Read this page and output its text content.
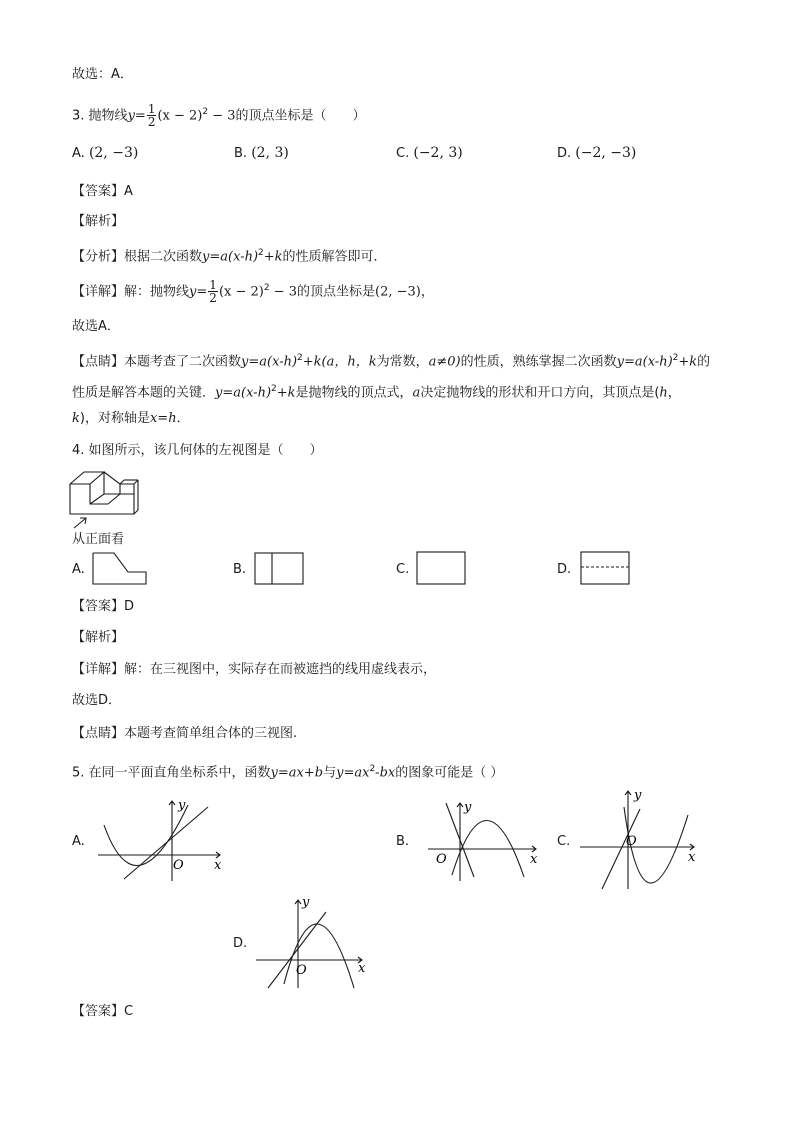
故选：A．
3. 抛物线$y= \frac{1}{2} (x - 2)^2 - 3$的顶点坐标是（　　）
A. (2, −3)	B. (2, 3)	C. (−2, 3)	D. (−2, −3)
【答案】A
【解析】
【分析】根据二次函数$y=a(x-h)^2+k$的性质解答即可．
【详解】解：抛物线$y= \frac{1}{2} (x - 2)^2 - 3$的顶点坐标是(2, −3)，
故选A．
【点睛】本题考查了二次函数$y=a(x-h)^2+k(a$，h，k为常数，a≠0)的性质，熟练掌握二次函数$y=a(x-h)^2+k$的
性质是解答本题的关键．$y=a(x-h)^2+k$是抛物线的顶点式，a决定抛物线的形状和开口方向，其顶点是(h，
k)，对称轴是x=h．
4. 如图所示，该几何体的左视图是（　　）
从正面看
A.	B.	C.	D.
【答案】D
【解析】
【详解】解：在三视图中，实际存在而被遮挡的线用虚线表示，
故选D．
【点睛】本题考查简单组合体的三视图.
5. 在同一平面直角坐标系中，函数y=ax+b与$y=ax^2-bx$的图象可能是（ ）
A.
y
x
O
B.
y
x
O
C.
y
x
O
D.
y
x
O
【答案】C
